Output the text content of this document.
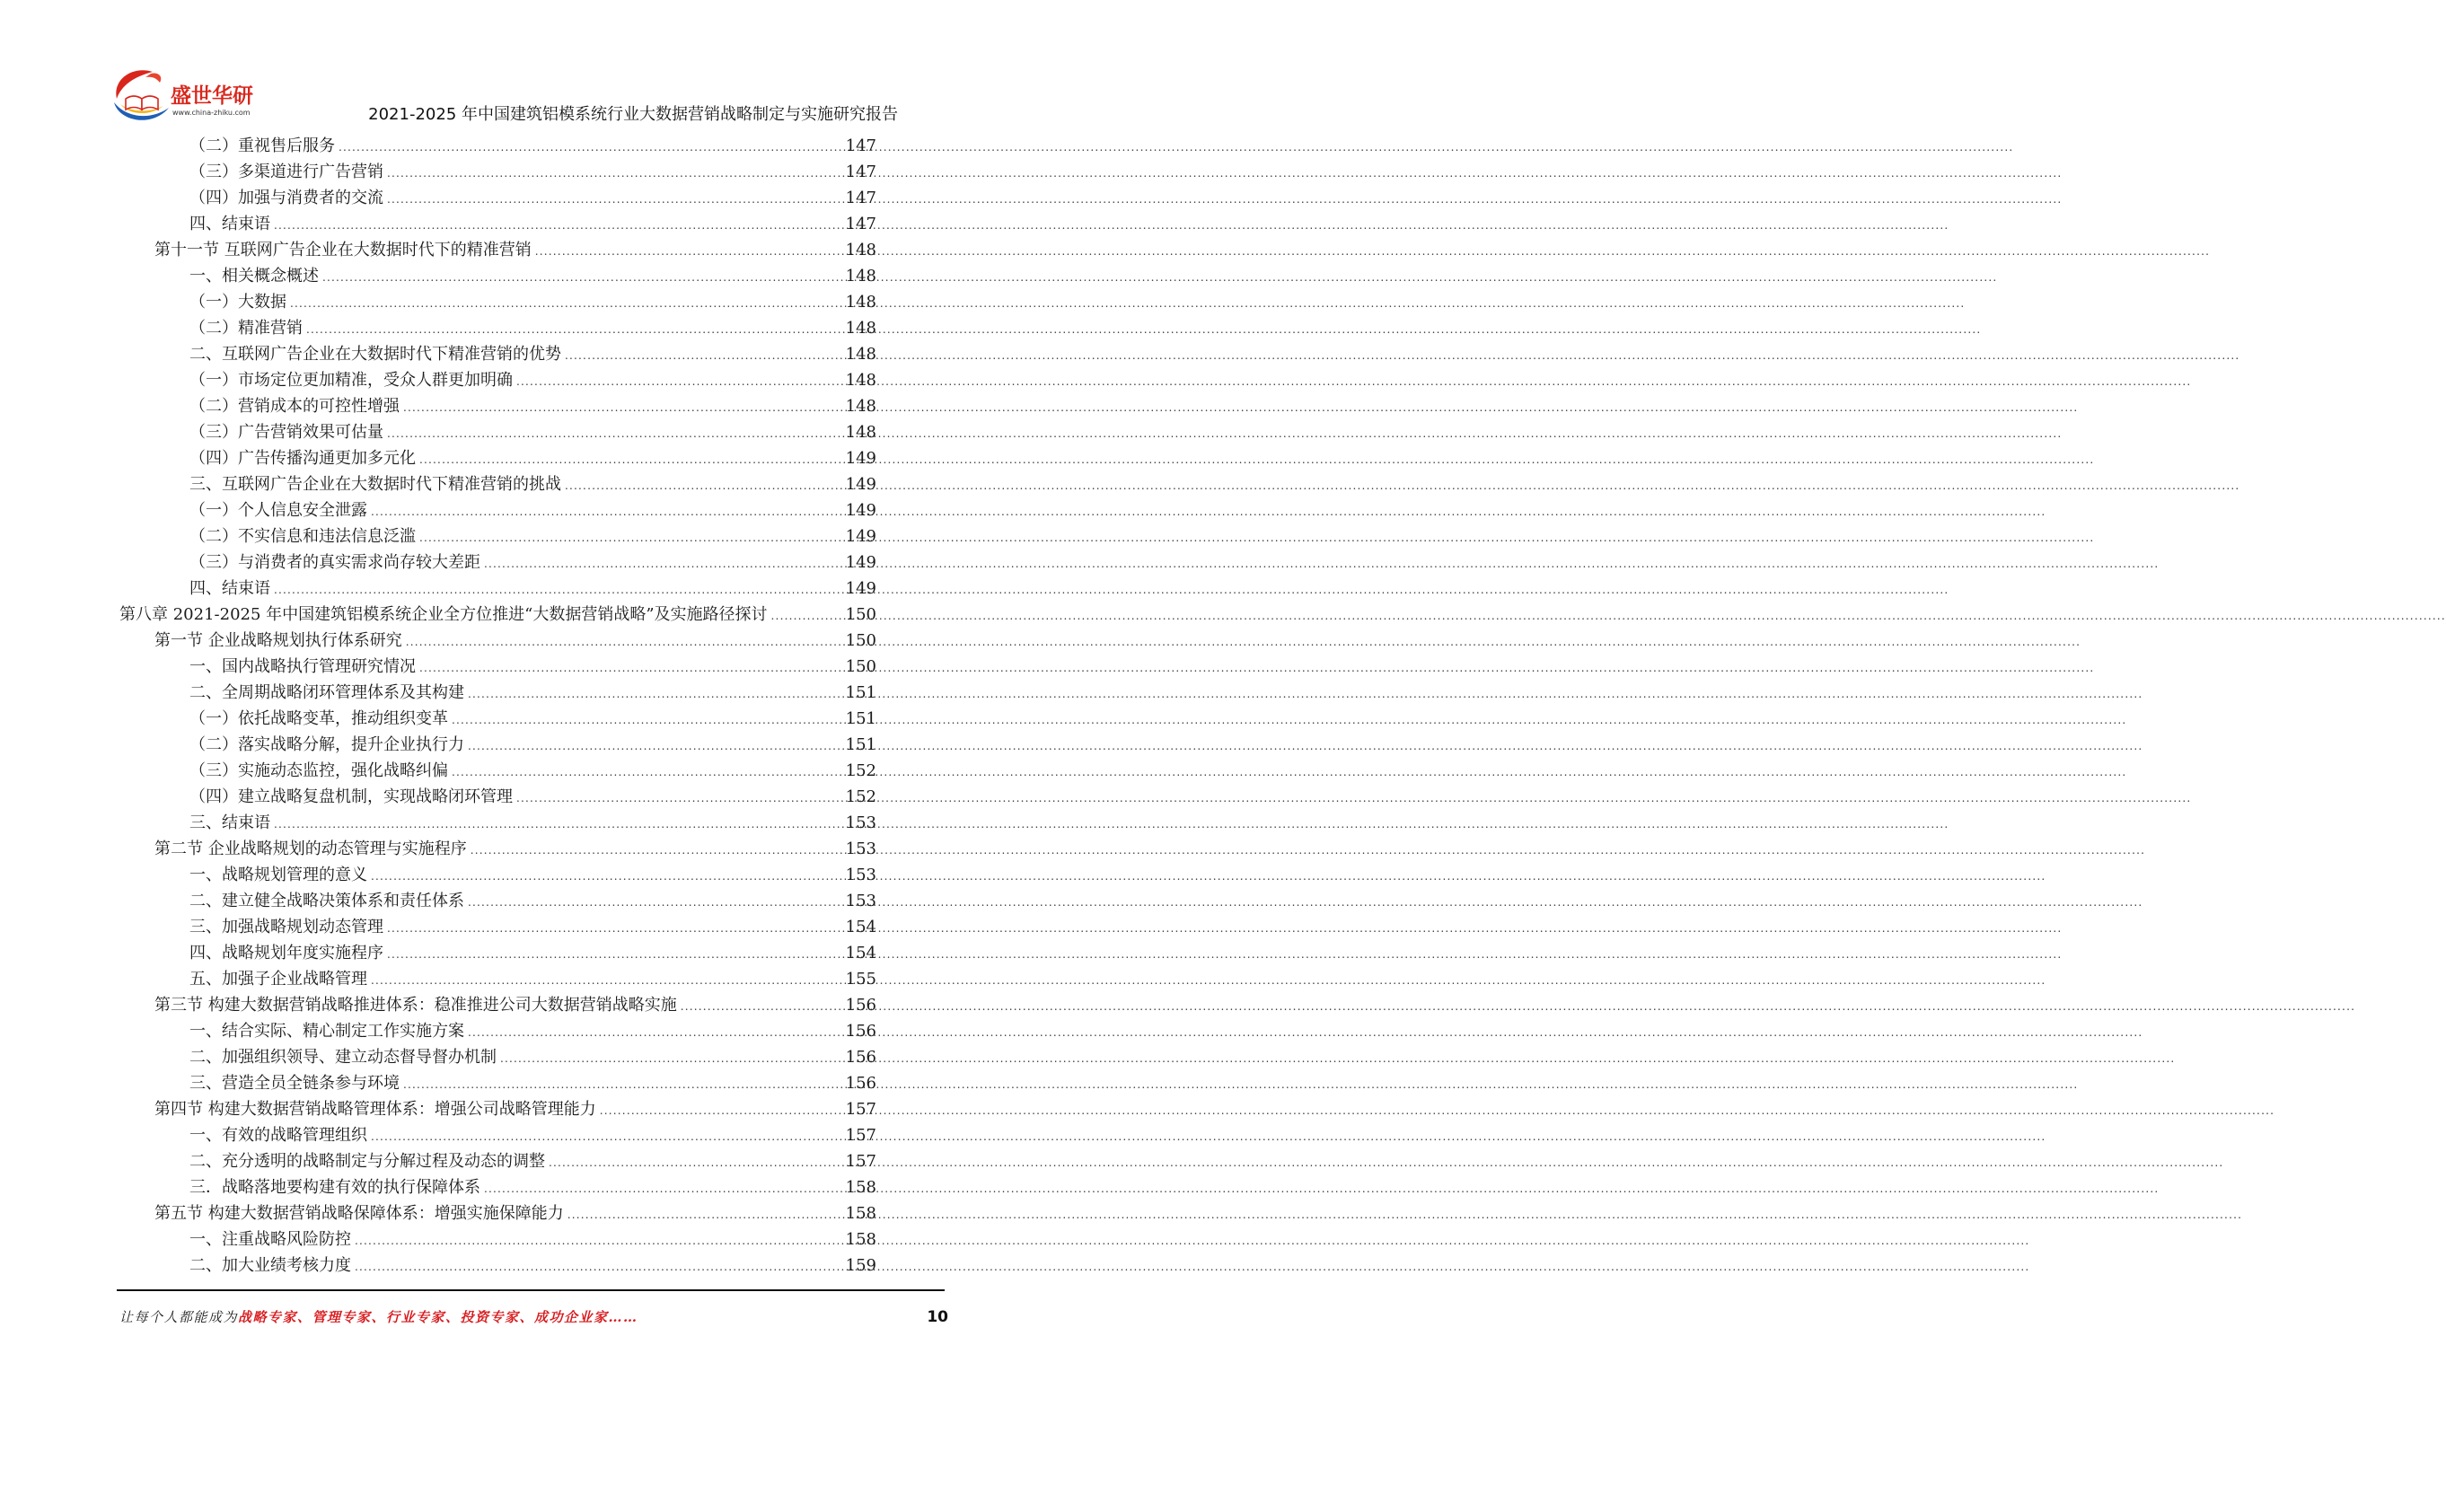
盛世华研
www.china-zhiku.com	2021-2025 年中国建筑铝模系统行业大数据营销战略制定与实施研究报告
（二）重视售后服务 .....	147
（三）多渠道进行广告营销 .....	147
（四）加强与消费者的交流 .....	147
四、结束语 .....	147
第十一节 互联网广告企业在大数据时代下的精准营销 .....	148
一、相关概念概述 .....	148
（一）大数据 .....	148
（二）精准营销 .....	148
二、互联网广告企业在大数据时代下精准营销的优势 .....	148
（一）市场定位更加精准，受众人群更加明确 .....	148
（二）营销成本的可控性增强 .....	148
（三）广告营销效果可估量 .....	148
（四）广告传播沟通更加多元化 .....	149
三、互联网广告企业在大数据时代下精准营销的挑战 .....	149
（一）个人信息安全泄露 .....	149
（二）不实信息和违法信息泛滥 .....	149
（三）与消费者的真实需求尚存较大差距 .....	149
四、结束语 .....	149
第八章 2021-2025 年中国建筑铝模系统企业全方位推进“大数据营销战略”及实施路径探讨 .....	150
第一节 企业战略规划执行体系研究 .....	150
一、国内战略执行管理研究情况 .....	150
二、全周期战略闭环管理体系及其构建 .....	151
（一）依托战略变革，推动组织变革 .....	151
（二）落实战略分解，提升企业执行力 .....	151
（三）实施动态监控，强化战略纠偏 .....	152
（四）建立战略复盘机制，实现战略闭环管理 .....	152
三、结束语 .....	153
第二节 企业战略规划的动态管理与实施程序 .....	153
一、战略规划管理的意义 .....	153
二、建立健全战略决策体系和责任体系 .....	153
三、加强战略规划动态管理 .....	154
四、战略规划年度实施程序 .....	154
五、加强子企业战略管理 .....	155
第三节 构建大数据营销战略推进体系：稳准推进公司大数据营销战略实施 .....	156
一、结合实际、精心制定工作实施方案 .....	156
二、加强组织领导、建立动态督导督办机制 .....	156
三、营造全员全链条参与环境 .....	156
第四节 构建大数据营销战略管理体系：增强公司战略管理能力 .....	157
一、有效的战略管理组织 .....	157
二、充分透明的战略制定与分解过程及动态的调整 .....	157
三．战略落地要构建有效的执行保障体系 .....	158
第五节 构建大数据营销战略保障体系：增强实施保障能力 .....	158
一、注重战略风险防控 .....	158
二、加大业绩考核力度 .....	159
让每个人都能成为战略专家、管理专家、行业专家、投资专家、成功企业家……	10
